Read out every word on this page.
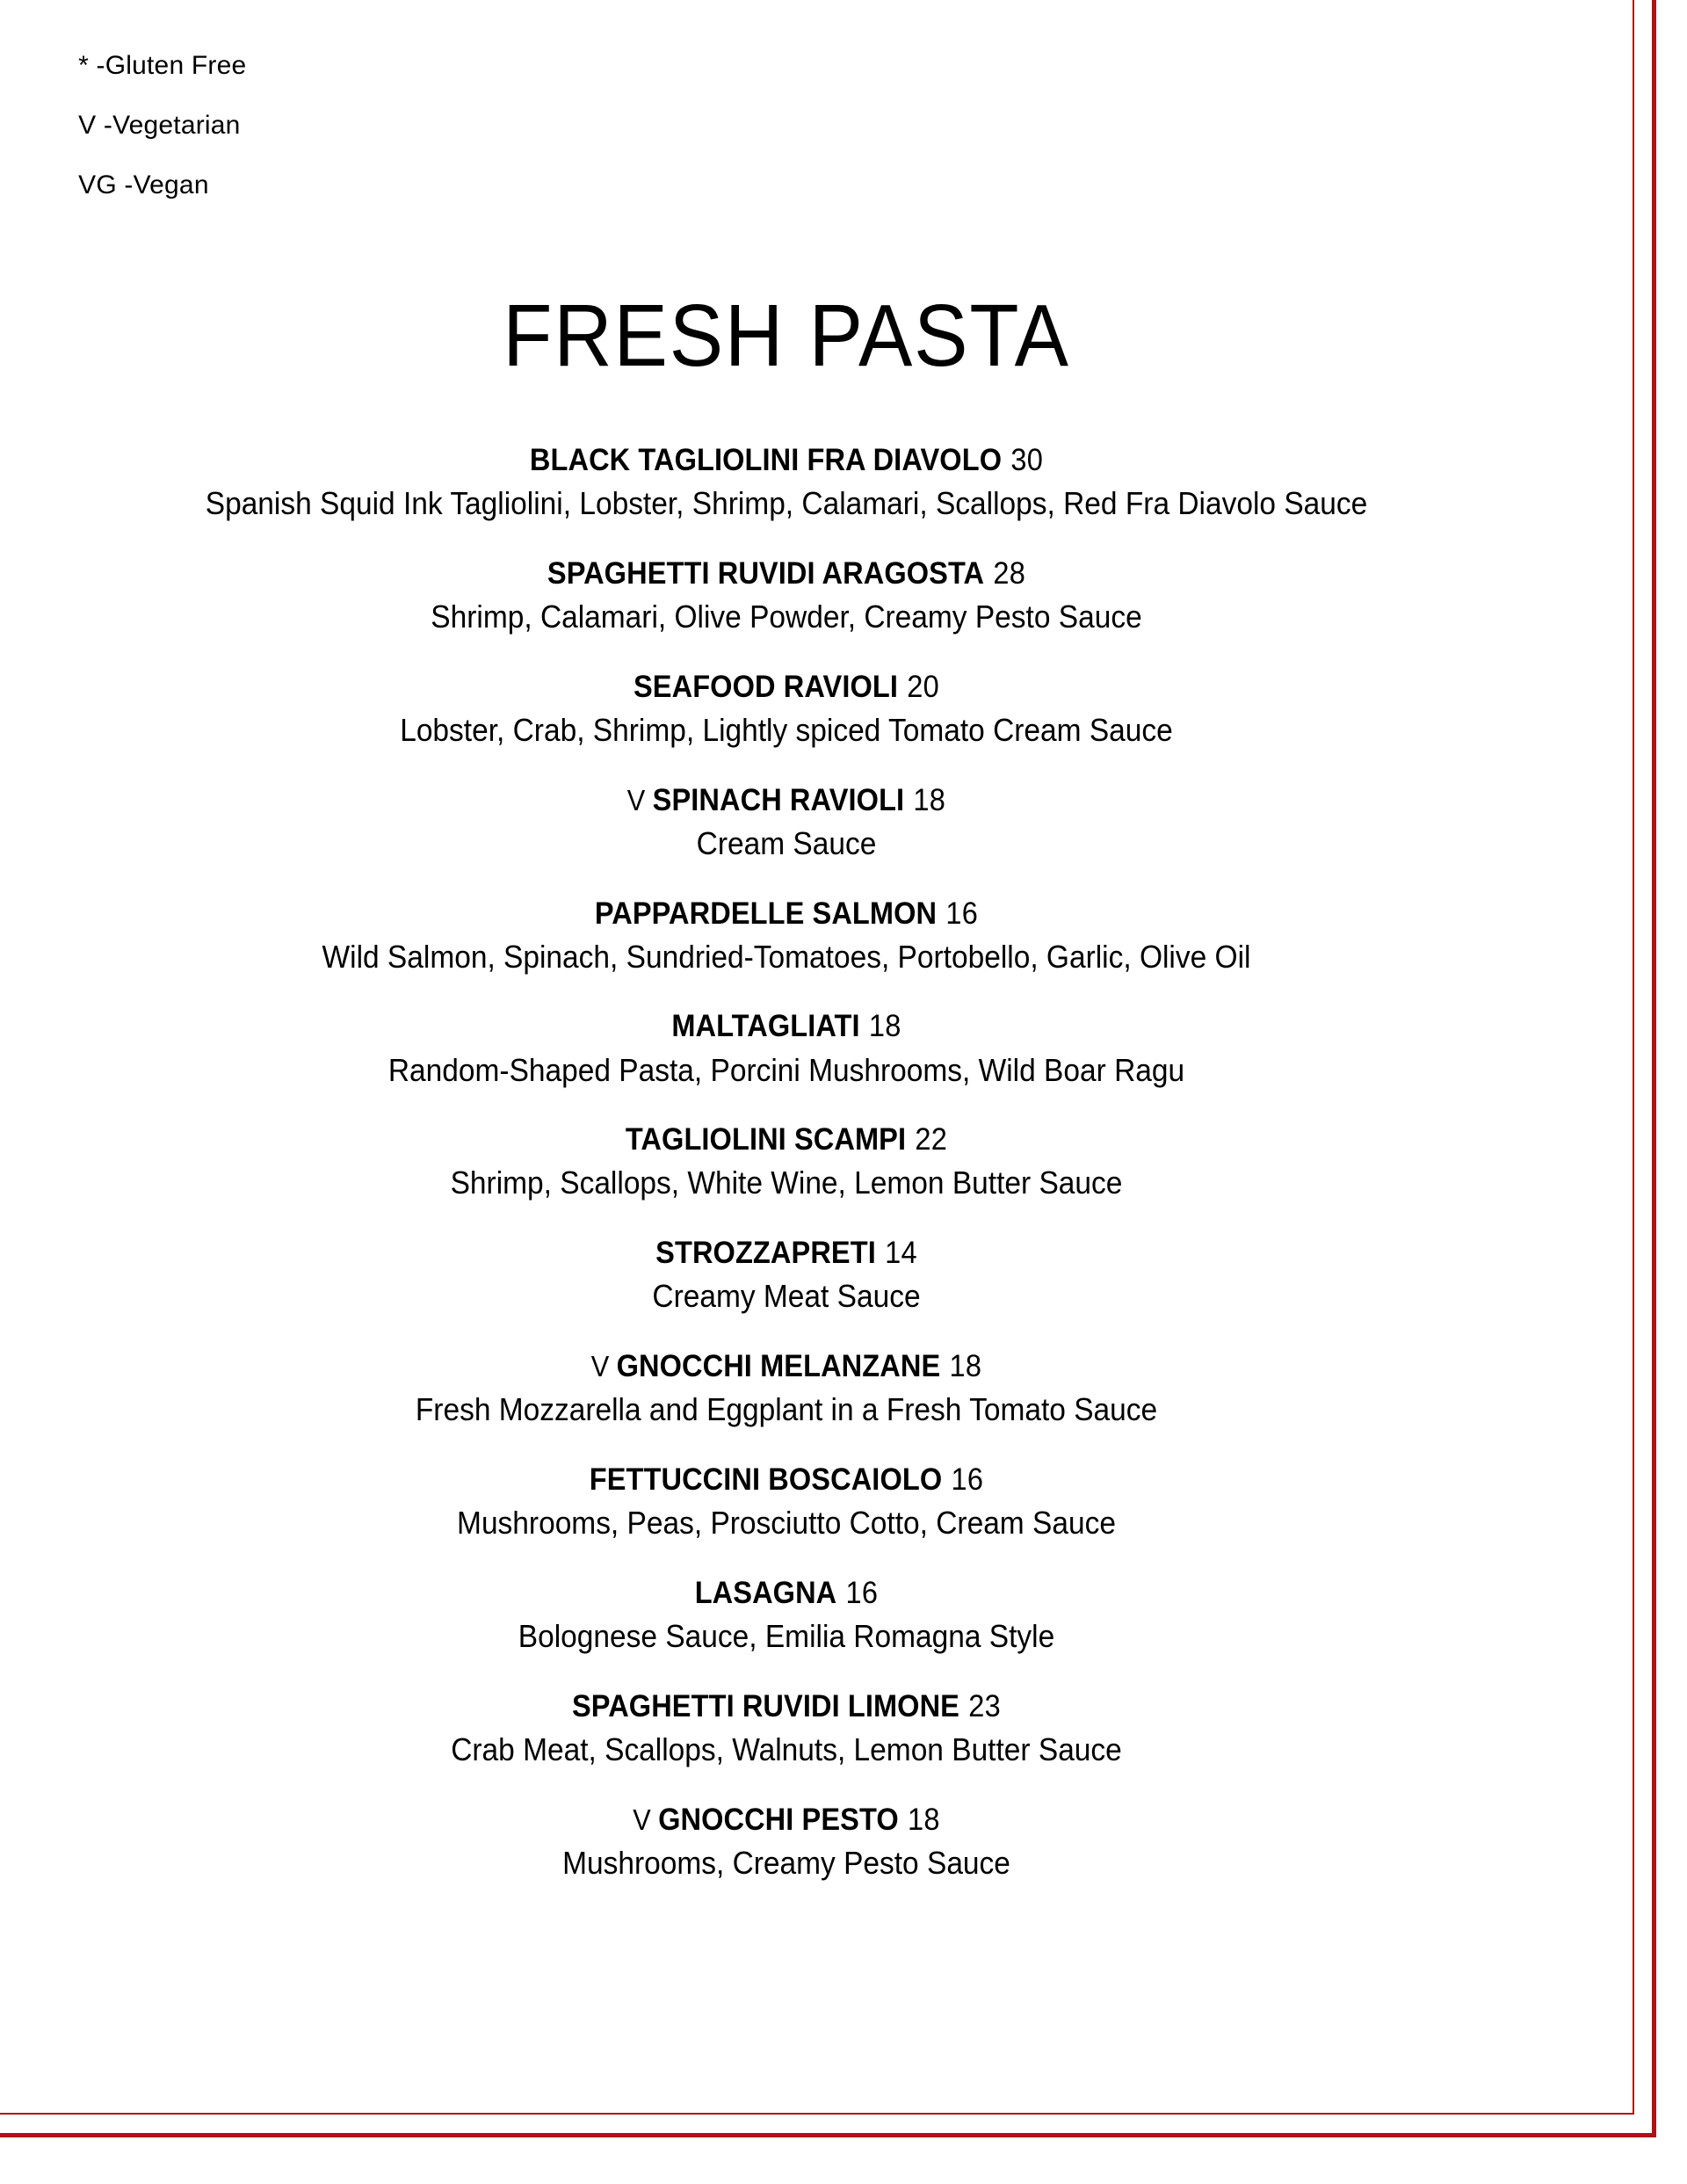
* -Gluten Free

V -Vegetarian

VG -Vegan

FRESH PASTA
BLACK TAGLIOLINI FRA DIAVOLO 30
Spanish Squid Ink Tagliolini, Lobster, Shrimp, Calamari, Scallops, Red Fra Diavolo Sauce
SPAGHETTI RUVIDI ARAGOSTA 28
Shrimp, Calamari, Olive Powder, Creamy Pesto Sauce
SEAFOOD RAVIOLI 20
Lobster, Crab, Shrimp, Lightly spiced Tomato Cream Sauce
V SPINACH RAVIOLI 18
Cream Sauce
PAPPARDELLE SALMON 16
Wild Salmon, Spinach, Sundried-Tomatoes, Portobello, Garlic, Olive Oil
MALTAGLIATI 18
Random-Shaped Pasta, Porcini Mushrooms, Wild Boar Ragu
TAGLIOLINI SCAMPI 22
Shrimp, Scallops, White Wine, Lemon Butter Sauce
STROZZAPRETI 14
Creamy Meat Sauce
V GNOCCHI MELANZANE 18
Fresh Mozzarella and Eggplant in a Fresh Tomato Sauce
FETTUCCINI BOSCAIOLO 16
Mushrooms, Peas, Prosciutto Cotto, Cream Sauce
LASAGNA 16
Bolognese Sauce, Emilia Romagna Style
SPAGHETTI RUVIDI LIMONE 23
Crab Meat, Scallops, Walnuts, Lemon Butter Sauce
V GNOCCHI PESTO 18
Mushrooms, Creamy Pesto Sauce
